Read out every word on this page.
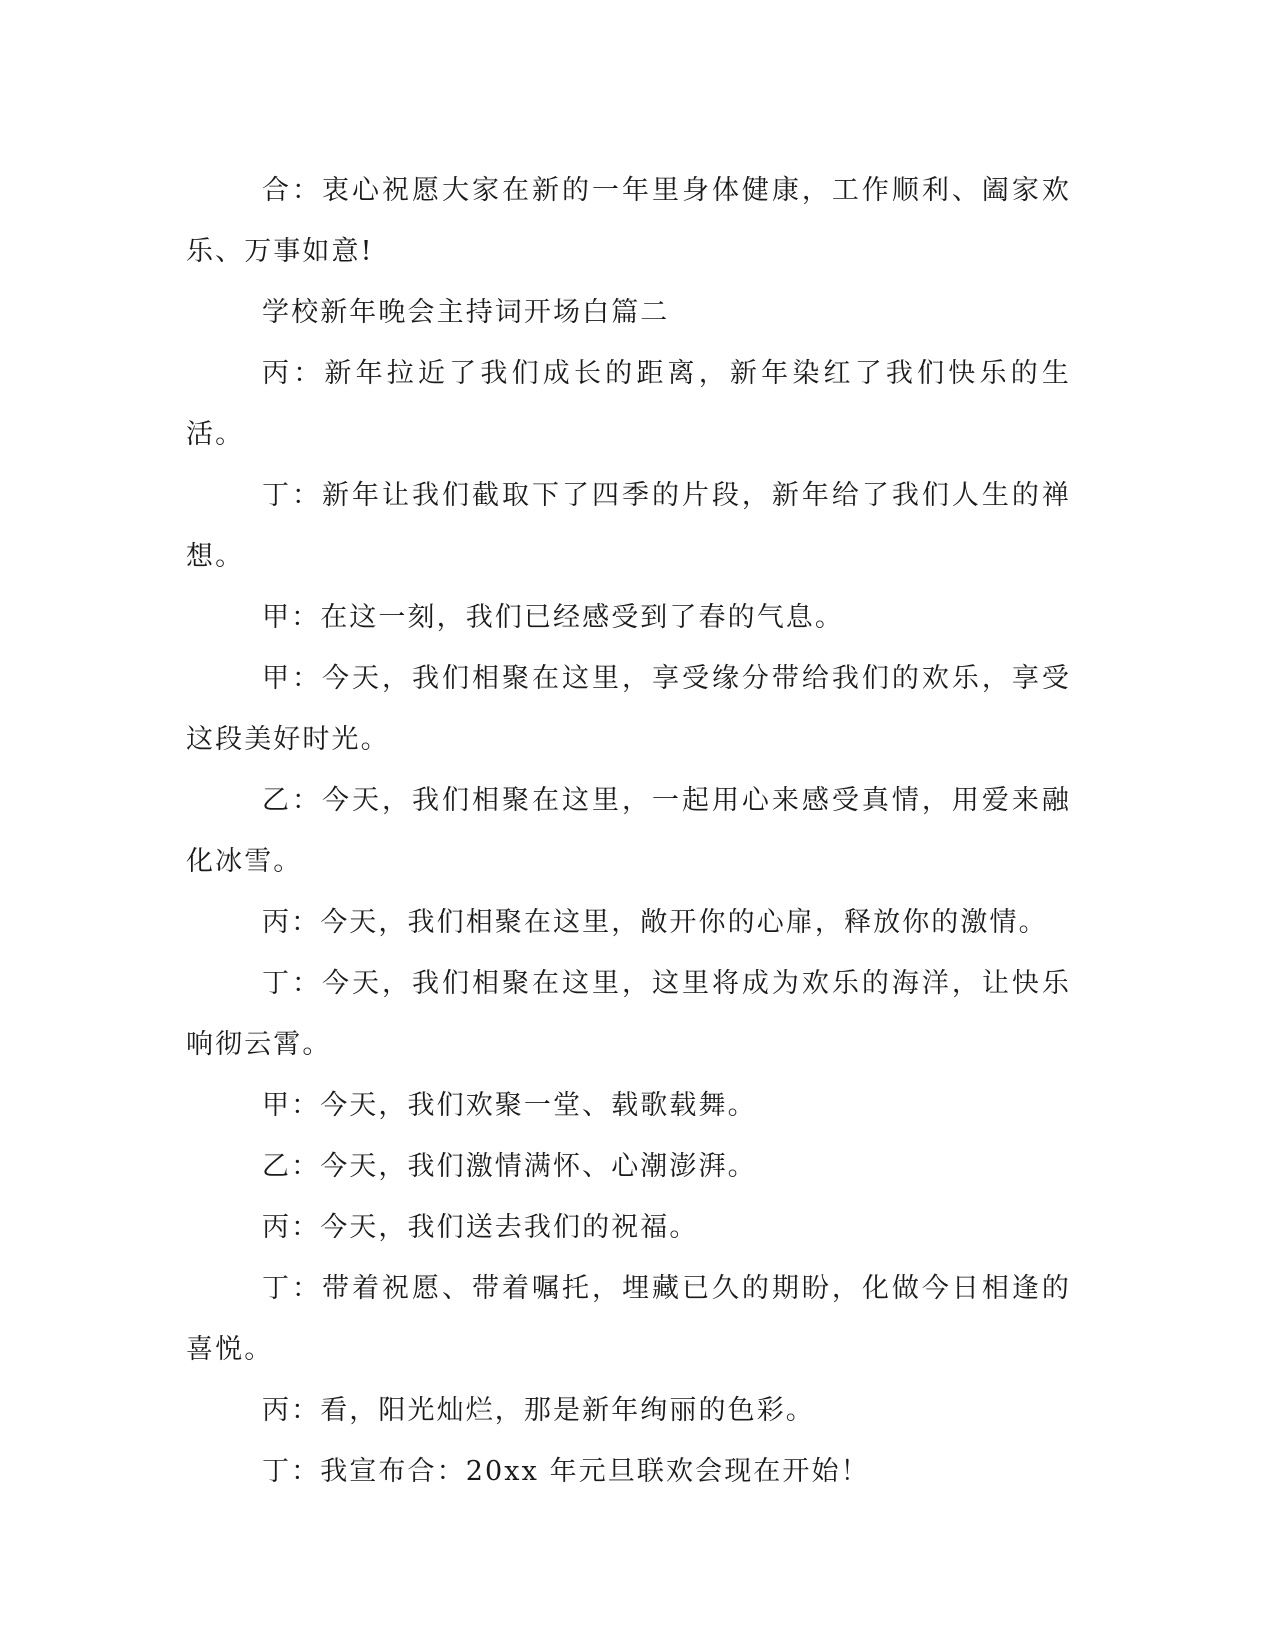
合：衷心祝愿大家在新的一年里身体健康，工作顺利、阖家欢乐、万事如意!

学校新年晚会主持词开场白篇二

丙：新年拉近了我们成长的距离，新年染红了我们快乐的生活。

丁：新年让我们截取下了四季的片段，新年给了我们人生的禅想。

甲：在这一刻，我们已经感受到了春的气息。

甲：今天，我们相聚在这里，享受缘分带给我们的欢乐，享受这段美好时光。

乙：今天，我们相聚在这里，一起用心来感受真情，用爱来融化冰雪。

丙：今天，我们相聚在这里，敞开你的心扉，释放你的激情。

丁：今天，我们相聚在这里，这里将成为欢乐的海洋，让快乐响彻云霄。

甲：今天，我们欢聚一堂、载歌载舞。

乙：今天，我们激情满怀、心潮澎湃。

丙：今天，我们送去我们的祝福。

丁：带着祝愿、带着嘱托，埋藏已久的期盼，化做今日相逢的喜悦。

丙：看，阳光灿烂，那是新年绚丽的色彩。

丁：我宣布合：20xx 年元旦联欢会现在开始！
